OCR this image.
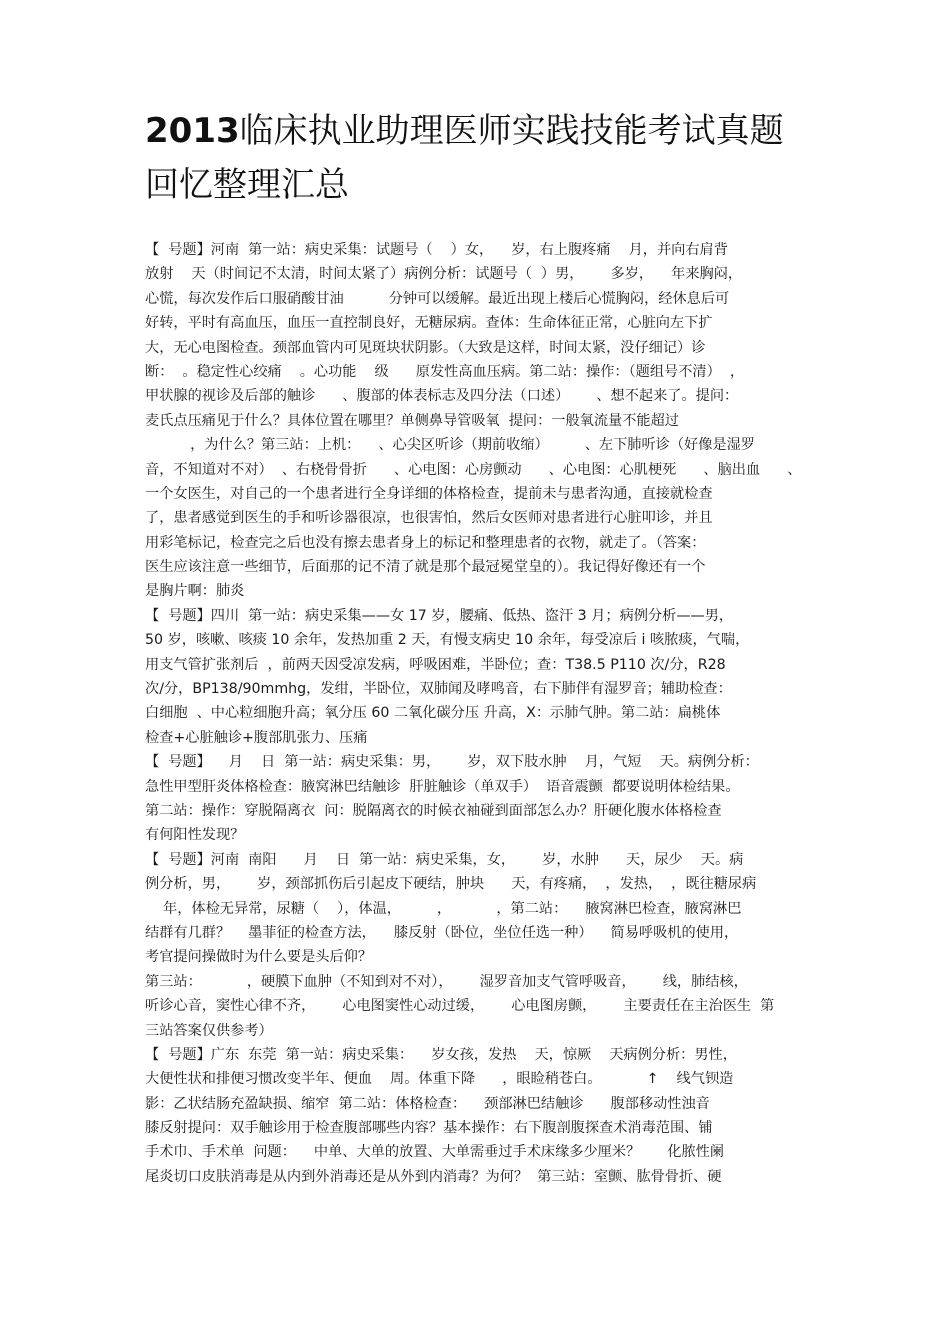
2013临床执业助理医师实践技能考试真题
回忆整理汇总
【  号题】河南  第一站：病史采集：试题号（    ）女，    岁，右上腹疼痛    月，并向右肩背
放射    天（时间记不太清，时间太紧了）病例分析：试题号（  ）男，      多岁，    年来胸闷，
心慌，每次发作后口服硝酸甘油          分钟可以缓解。最近出现上楼后心慌胸闷，经休息后可
好转，平时有高血压，血压一直控制良好，无糖尿病。查体：生命体征正常，心脏向左下扩
大，无心电图检查。颈部血管内可见斑块状阴影。（大致是这样，时间太紧，没仔细记）诊
断：  。稳定性心绞痛    。心功能    级      原发性高血压病。第二站：操作：（题组号不清）  ，
甲状腺的视诊及后部的触诊      、腹部的体表标志及四分法（口述）      、想不起来了。提问：
麦氏点压痛见于什么？具体位置在哪里？单侧鼻导管吸氧  提问：一般氧流量不能超过
，为什么？第三站：上机：    、心尖区听诊（期前收缩）        、左下肺听诊（好像是湿罗
音，不知道对不对）  、右桡骨骨折      、心电图：心房颤动      、心电图：心肌梗死      、脑出血      、
一个女医生，对自己的一个患者进行全身详细的体格检查，提前未与患者沟通，直接就检查
了，患者感觉到医生的手和听诊器很凉，也很害怕，然后女医师对患者进行心脏叩诊，并且
用彩笔标记，检查完之后也没有擦去患者身上的标记和整理患者的衣物，就走了。（答案：
医生应该注意一些细节，后面那的记不清了就是那个最冠冕堂皇的）。我记得好像还有一个
是胸片啊：肺炎
【  号题】四川  第一站：病史采集——女 17 岁，腰痛、低热、盗汗 3 月；病例分析——男，
50 岁，咳嗽、咳痰 10 余年，发热加重 2 天，有慢支病史 10 余年，每受凉后 i 咳脓痰，气喘，
用支气管扩张剂后  ，前两天因受凉发病，呼吸困难，半卧位；查：T38.5 P110 次/分，R28
次/分，BP138/90mmhg，发绀，半卧位，双肺闻及哮鸣音，右下肺伴有湿罗音；辅助检查：
白细胞  、中心粒细胞升高；氧分压 60 二氧化碳分压 升高，X：示肺气肿。第二站：扁桃体
检查+心脏触诊+腹部肌张力、压痛
【  号题】    月    日  第一站：病史采集：男，      岁，双下肢水肿    月，气短    天。病例分析：
急性甲型肝炎体格检查：腋窝淋巴结触诊  肝脏触诊（单双手）  语音震颤  都要说明体检结果。
第二站：操作：穿脱隔离衣  问：脱隔离衣的时候衣袖碰到面部怎么办？肝硬化腹水体格检查
有何阳性发现？
【  号题】河南  南阳      月    日  第一站：病史采集，女，      岁，水肿      天，尿少    天。病
例分析，男，      岁，颈部抓伤后引起皮下硬结，肿块      天，有疼痛，  ，发热，  ，既往糖尿病
年，体检无异常，尿糖（    ），体温，        ，          ，第二站：    腋窝淋巴检查，腋窝淋巴
结群有几群？    墨菲征的检查方法，    膝反射（卧位，坐位任选一种）    简易呼吸机的使用，
考官提问操做时为什么要是头后仰？
第三站：          ，硬膜下血肿（不知到对不对），      湿罗音加支气管呼吸音，      线，肺结核，
听诊心音，窦性心律不齐，      心电图窦性心动过缓，      心电图房颤，      主要责任在主治医生  第
三站答案仅供参考）
【  号题】广东  东莞  第一站：病史采集：    岁女孩，发热    天，惊厥    天病例分析：男性，
大便性状和排便习惯改变半年、便血    周。体重下降      ，眼睑稍苍白。          ↑    线气钡造
影：乙状结肠充盈缺损、缩窄  第二站：体格检查：    颈部淋巴结触诊      腹部移动性浊音
膝反射提问：双手触诊用于检查腹部哪些内容？基本操作：右下腹剖腹探查术消毒范围、铺
手术巾、手术单  问题：    中单、大单的放置、大单需垂过手术床缘多少厘米？      化脓性阑
尾炎切口皮肤消毒是从内到外消毒还是从外到内消毒？为何？  第三站：室颤、肱骨骨折、硬
